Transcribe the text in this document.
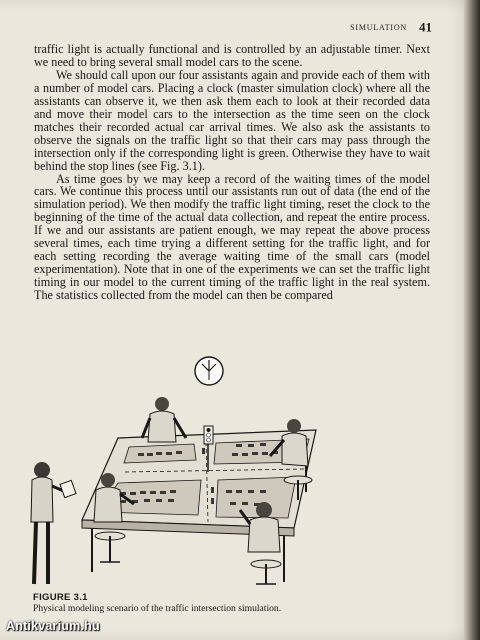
SIMULATION 41

traffic light is actually functional and is controlled by an adjustable timer. Next we need to bring several small model cars to the scene.

We should call upon our four assistants again and provide each of them with a number of model cars. Placing a clock (master simulation clock) where all the assistants can observe it, we then ask them each to look at their recorded data and move their model cars to the intersection as the time seen on the clock matches their recorded actual car arrival times. We also ask the assistants to observe the signals on the traffic light so that their cars may pass through the intersection only if the corresponding light is green. Otherwise they have to wait behind the stop lines (see Fig. 3.1).

As time goes by we may keep a record of the waiting times of the model cars. We continue this process until our assistants run out of data (the end of the simulation period). We then modify the traffic light timing, reset the clock to the beginning of the time of the actual data collection, and repeat the entire process. If we and our assistants are patient enough, we may repeat the above process several times, each time trying a different setting for the traffic light, and for each setting recording the average waiting time of the small cars (model experimentation). Note that in one of the experiments we can set the traffic light timing in our model to the current timing of the traffic light in the real system. The statistics collected from the model can then be compared

FIGURE 3.1
Physical modeling scenario of the traffic intersection simulation.
Antikvarium.hu
